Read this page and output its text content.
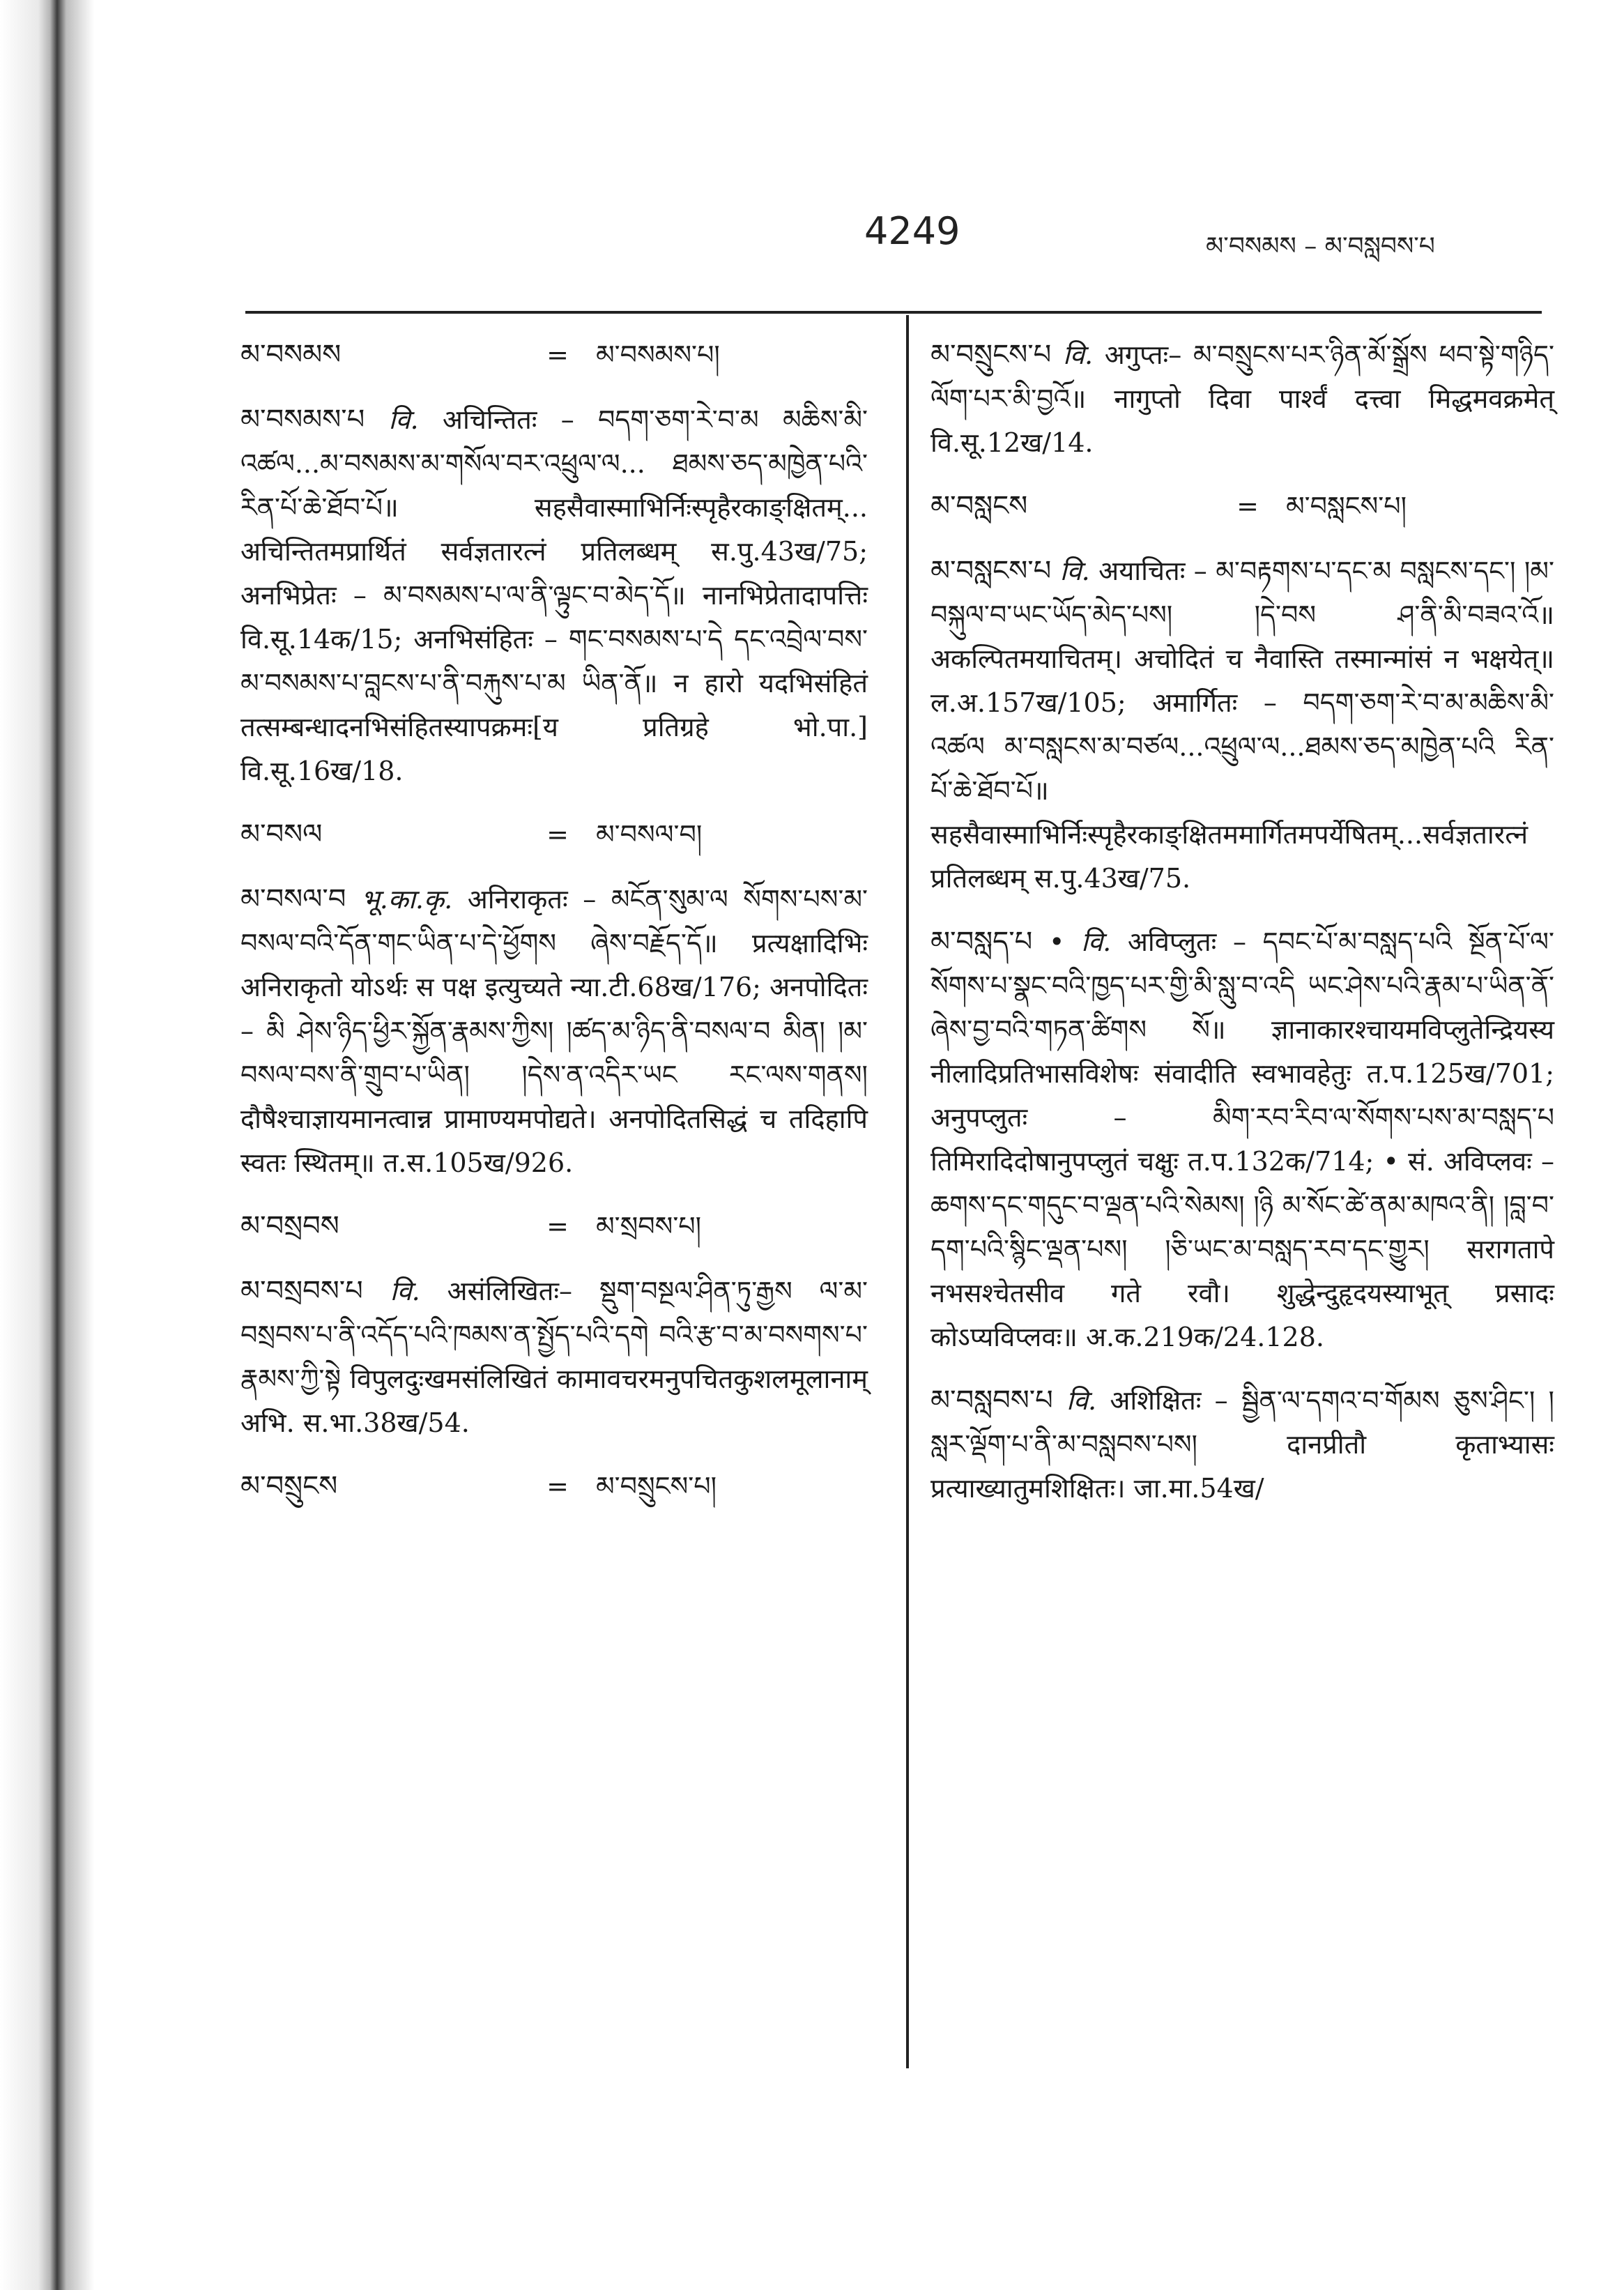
4249	མ་བསམས – མ་བསླབས་པ
མ་བསམས	=	མ་བསམས་པ།
མ་བསམས་པ वि. अचिन्तितः – བདག་ཅག་རེ་བ་མ མཆིས་མི་འཚལ...མ་བསམས་མ་གསོལ་བར་འཕྲུལ་ལ... ཐམས་ཅད་མཁྱེན་པའི་རིན་པོ་ཆེ་ཐོབ་པོ॥ सहसैवास्माभिर्निःस्पृहैरकाङ्क्षितम्... अचिन्तितमप्रार्थितं सर्वज्ञतारत्नं प्रतिलब्धम् स.पु.43ख/75; अनभिप्रेतः – མ་བསམས་པ་ལ་ནི་ལྟུང་བ་མེད་དོ॥ नानभिप्रेतादापत्तिः वि.सू.14क/15; अनभिसंहितः – གང་བསམས་པ་དེ དང་འབྲེལ་བས་མ་བསམས་པ་བླངས་པ་ནི་བརྐུས་པ་མ ཡིན་ནོ॥ न हारो यदभिसंहितं तत्सम्बन्धादनभिसंहितस्यापक्रमः[य प्रतिग्रहे भो.पा.] वि.सू.16ख/18.
མ་བསལ	=	མ་བསལ་བ།
མ་བསལ་བ भू.का.कृ. अनिराकृतः – མངོན་སུམ་ལ སོགས་པས་མ་བསལ་བའི་དོན་གང་ཡིན་པ་དེ་ཕྱོགས ཞེས་བརྗོད་དོ॥ प्रत्यक्षादिभिः अनिराकृतो योऽर्थः स पक्ष इत्युच्यते न्या.टी.68ख/176; अनपोदितः – མི ཤེས་ཉིད་ཕྱིར་སྐྱོན་རྣམས་ཀྱིས། །ཚད་མ་ཉིད་ནི་བསལ་བ མིན། །མ་བསལ་བས་ནི་གྲུབ་པ་ཡིན། །དེས་ན་འདིར་ཡང རང་ལས་གནས། दौषैश्चाज्ञायमानत्वान्न प्रामाण्यमपोद्यते। अनपोदितसिद्धं च तदिहापि स्वतः स्थितम्॥ त.स.105ख/926.
མ་བསྲབས	=	མ་སྲབས་པ།
མ་བསྲབས་པ वि. असंलिखितः– སྡུག་བསྔལ་ཤིན་ཏུ་རྒྱས ལ་མ་བསྲབས་པ་ནི་འདོད་པའི་ཁམས་ན་སྤྱོད་པའི་དགེ བའི་རྩ་བ་མ་བསགས་པ་རྣམས་ཀྱི་སྟེ विपुलदुःखमसंलिखितं कामावचरमनुपचितकुशलमूलानाम् अभि. स.भा.38ख/54.
མ་བསྲུངས	=	མ་བསྲུངས་པ།
མ་བསྲུངས་པ वि. अगुप्तः– མ་བསྲུངས་པར་ཉིན་མོ་སྒྲོས ཕབ་སྟེ་གཉིད་ལོག་པར་མི་བྱའོ॥ नागुप्तो दिवा पार्श्वं दत्त्वा मिद्धमवक्रमेत् वि.सू.12ख/14.
མ་བསླངས	=	མ་བསླངས་པ།
མ་བསླངས་པ वि. अयाचितः – མ་བརྟགས་པ་དང་མ བསླངས་དང་། །མ་བསྐུལ་བ་ཡང་ཡོད་མེད་པས། །དེ་བས ཤ་ནི་མི་བཟའ་འོ॥ अकल्पितमयाचितम्। अचोदितं च नैवास्ति तस्मान्मांसं न भक्षयेत्॥ ल.अ.157ख/105; अमार्गितः – བདག་ཅག་རེ་བ་མ་མཆིས་མི་འཚལ མ་བསླངས་མ་བཙལ...འཕྲུལ་ལ...ཐམས་ཅད་མཁྱེན་པའི རིན་པོ་ཆེ་ཐོབ་པོ॥ सहसैवास्माभिर्निःस्पृहैरकाङ्क्षितममार्गितमपर्येषितम्...सर्वज्ञतारत्नं प्रतिलब्धम् स.पु.43ख/75.
མ་བསླད་པ • वि. अविप्लुतः – དབང་པོ་མ་བསླད་པའི སྔོན་པོ་ལ་སོགས་པ་སྣང་བའི་ཁྱད་པར་གྱི་མི་སླུ་བ་འདི ཡང་ཤེས་པའི་རྣམ་པ་ཡིན་ནོ་ཞེས་བྱ་བའི་གཏན་ཚིགས སོ॥ ज्ञानाकारश्चायमविप्लुतेन्द्रियस्य नीलादिप्रतिभासविशेषः संवादीति स्वभावहेतुः त.प.125ख/701; अनुपप्लुतः – མིག་རབ་རིབ་ལ་སོགས་པས་མ་བསླད་པ तिमिरादिदोषानुपप्लुतं चक्षुः त.प.132क/714; • सं. अविप्लवः – ཆགས་དང་གདུང་བ་ལྡན་པའི་སེམས། །ཉི མ་སོང་ཚེ་ནམ་མཁའ་ནི། །བླ་བ་དག་པའི་སྙིང་ལྡན་པས། །ཅི་ཡང་མ་བསླད་རབ་དང་གྱུར། सरागतापे नभसश्चेतसीव गते रवौ। शुद्धेन्दुहृदयस्याभूत् प्रसादः कोऽप्यविप्लवः॥ अ.क.219क/24.128.
མ་བསླབས་པ वि. अशिक्षितः – སྦྱིན་ལ་དགའ་བ་གོམས ཅུས་ཤིང་། །སླར་ལྡོག་པ་ནི་མ་བསླབས་པས། दानप्रीतौ कृताभ्यासः प्रत्याख्यातुमशिक्षितः। जा.मा.54ख/
